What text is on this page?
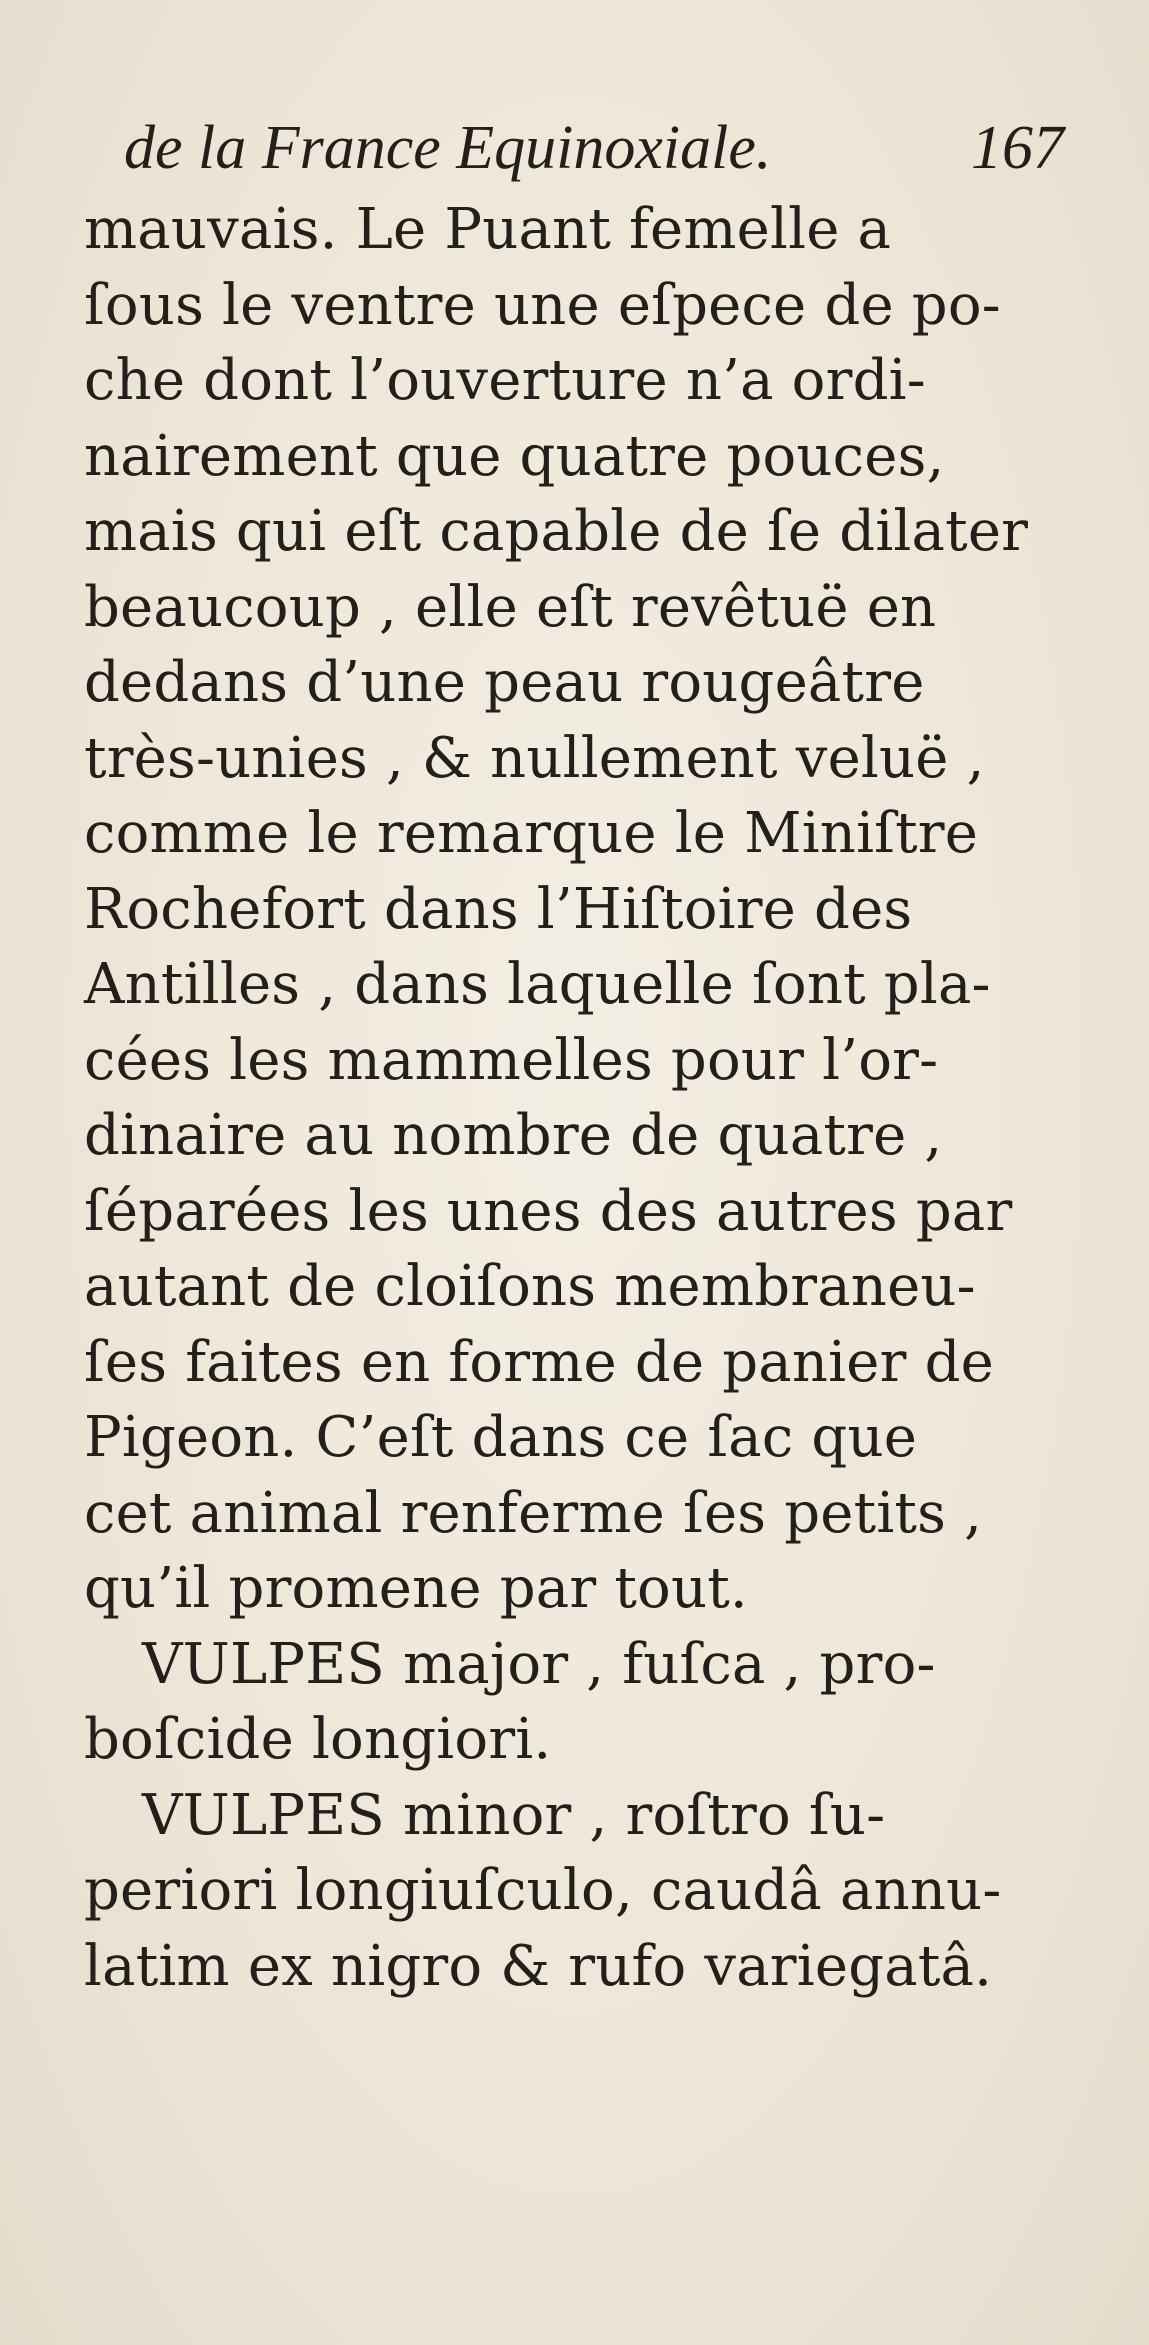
de la France Equinoxiale.	167
mauvais. Le Puant femelle a
ſous le ventre une eſpece de po-
che dont l’ouverture n’a ordi-
nairement que quatre pouces,
mais qui eſt capable de ſe dilater
beaucoup , elle eſt revêtuë en
dedans d’une peau rougeâtre
très-unies , & nullement veluë ,
comme le remarque le Miniſtre
Rochefort dans l’Hiſtoire des
Antilles , dans laquelle ſont pla-
cées les mammelles pour l’or-
dinaire au nombre de quatre ,
ſéparées les unes des autres par
autant de cloiſons membraneu-
ſes faites en forme de panier de
Pigeon. C’eſt dans ce ſac que
cet animal renferme ſes petits ,
qu’il promene par tout.
VULPES major , fuſca , pro-
boſcide longiori.
VULPES minor , roſtro ſu-
periori longiuſculo, caudâ annu-
latim ex nigro & rufo variegatâ.
